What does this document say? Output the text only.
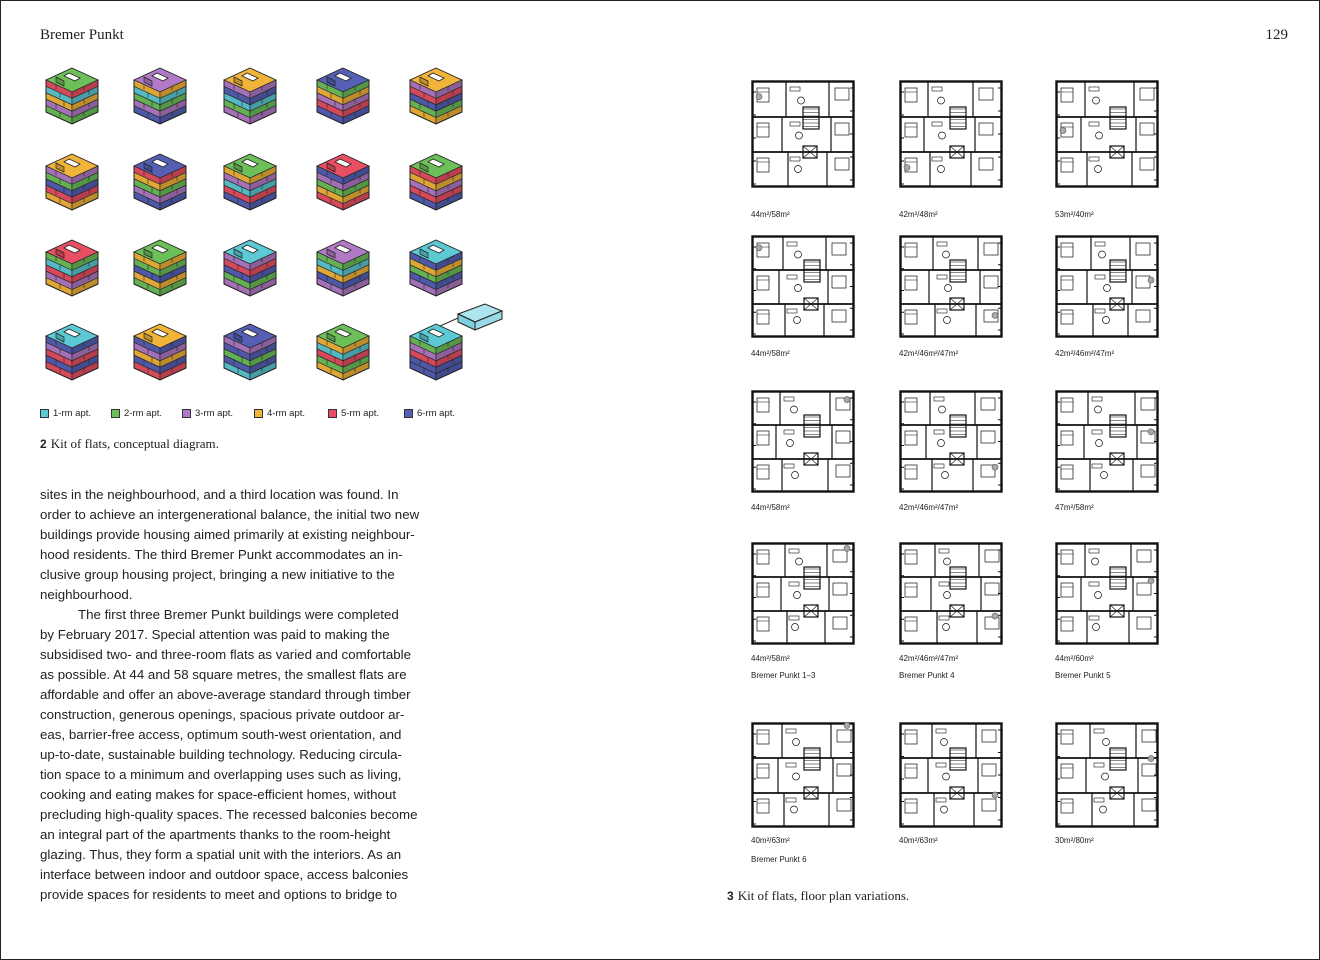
Bremer Punkt	129
1-rm apt.	2-rm apt.	3-rm apt.	4-rm apt.	5-rm apt.	6-rm apt.
2 Kit of flats, conceptual diagram.
sites in the neighbourhood, and a third location was found. In
order to achieve an intergenerational balance, the initial two new
buildings provide housing aimed primarily at existing neighbour-
hood residents. The third Bremer Punkt accommodates an in-
clusive group housing project, bringing a new initiative to the
neighbourhood.
The first three Bremer Punkt buildings were completed
by February 2017. Special attention was paid to making the
subsidised two- and three-room flats as varied and comfortable
as possible. At 44 and 58 square metres, the smallest flats are
affordable and offer an above-average standard through timber
construction, generous openings, spacious private outdoor ar-
eas, barrier-free access, optimum south-west orientation, and
up-to-date, sustainable building technology. Reducing circula-
tion space to a minimum and overlapping uses such as living,
cooking and eating makes for space-efficient homes, without
precluding high-quality spaces. The recessed balconies become
an integral part of the apartments thanks to the room-height
glazing. Thus, they form a spatial unit with the interiors. As an
interface between indoor and outdoor space, access balconies
provide spaces for residents to meet and options to bridge to
44m²/58m²	42m²/48m²	53m²/40m²
44m²/58m²	42m²/46m²/47m²	42m²/46m²/47m²
44m²/58m²	42m²/46m²/47m²	47m²/58m²
44m²/58m²	42m²/46m²/47m²	44m²/60m²
40m²/63m²	40m²/63m²	30m²/80m²
Bremer Punkt 1–3	Bremer Punkt 4	Bremer Punkt 5
Bremer Punkt 6
3 Kit of flats, floor plan variations.
